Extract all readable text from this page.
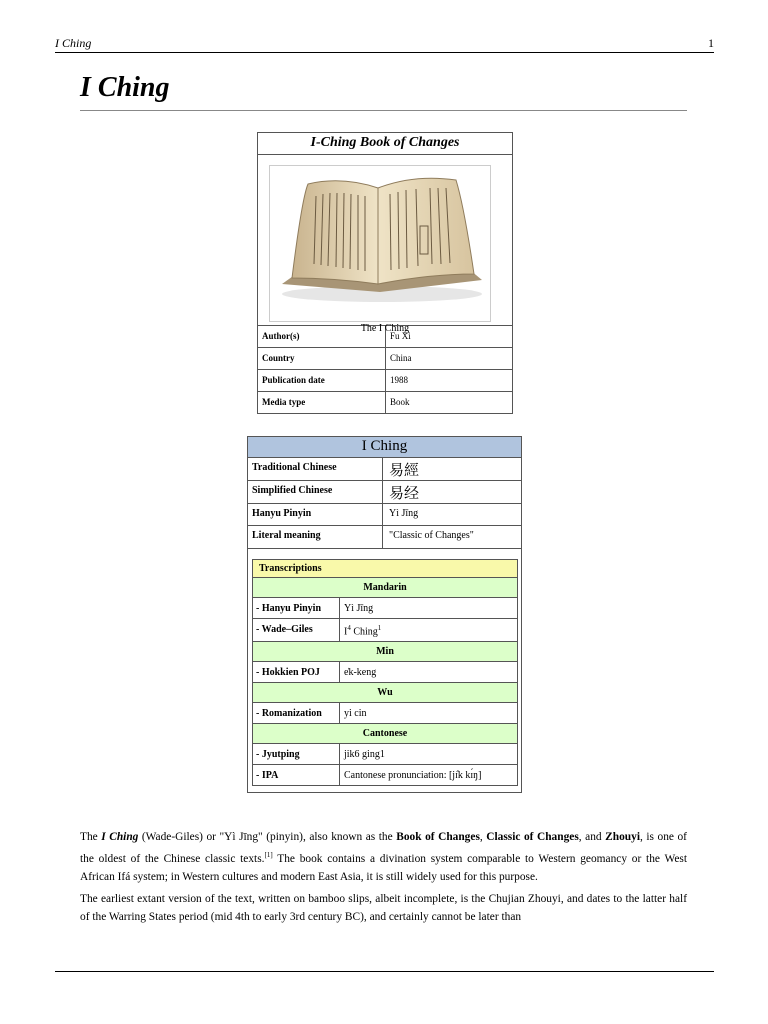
I Ching	1
I Ching
I-Ching Book of Changes
The I Ching
Author(s)	Fu Xi
Country	China
Publication date	1988
Media type	Book
I Ching
Traditional Chinese	易經
Simplified Chinese	易经
Hanyu Pinyin	Yì Jīng
Literal meaning	"Classic of Changes"
Transcriptions
Mandarin
- Hanyu Pinyin	Yì Jīng
- Wade–Giles	$I^4$ Ching$^1$
Min
- Hokkien POJ	e̍k-keng
Wu
- Romanization	yi cin
Cantonese
- Jyutping	jik6 ging1
- IPA	Cantonese pronunciation: [jɪ̂k kɪ́ŋ]

The I Ching (Wade-Giles) or "Yì Jīng" (pinyin), also known as the Book of Changes, Classic of Changes, and Zhouyi, is one of the oldest of the Chinese classic texts.[1] The book contains a divination system comparable to Western geomancy or the West African Ifá system; in Western cultures and modern East Asia, it is still widely used for this purpose.

The earliest extant version of the text, written on bamboo slips, albeit incomplete, is the Chujian Zhouyi, and dates to the latter half of the Warring States period (mid 4th to early 3rd century BC), and certainly cannot be later than
